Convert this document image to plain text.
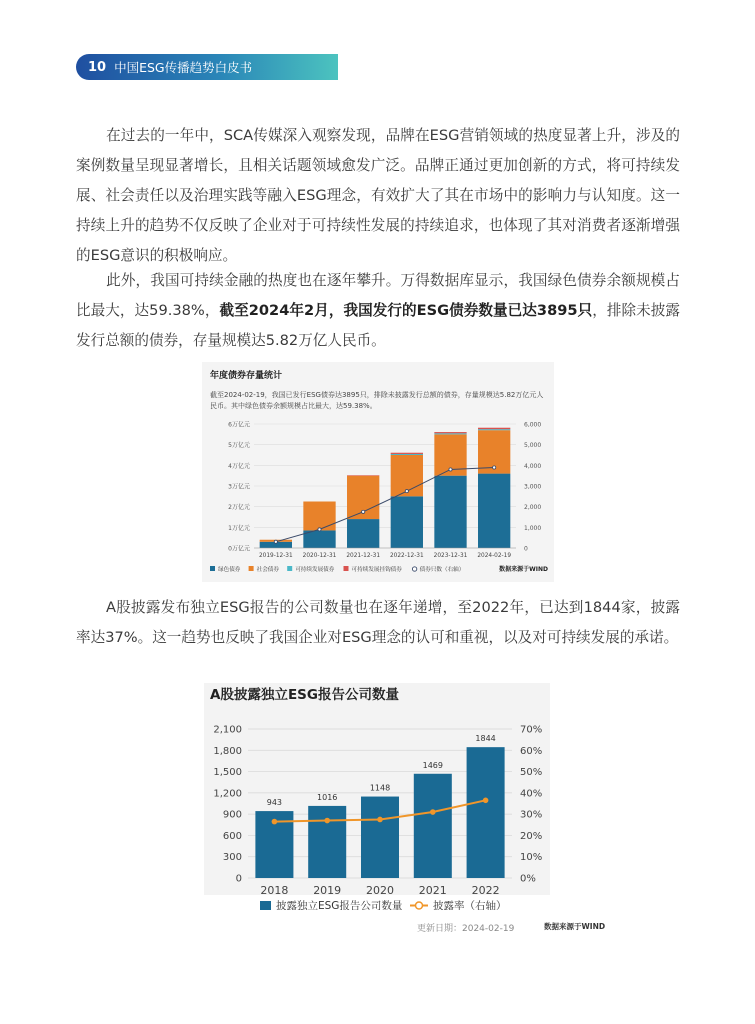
10 中国ESG传播趋势白皮书

在过去的一年中，SCA传媒深入观察发现，品牌在ESG营销领域的热度显著上升，涉及的案例数量呈现显著增长，且相关话题领域愈发广泛。品牌正通过更加创新的方式，将可持续发展、社会责任以及治理实践等融入ESG理念，有效扩大了其在市场中的影响力与认知度。这一持续上升的趋势不仅反映了企业对于可持续性发展的持续追求，也体现了其对消费者逐渐增强的ESG意识的积极响应。

此外，我国可持续金融的热度也在逐年攀升。万得数据库显示，我国绿色债券余额规模占比最大，达59.38%，截至2024年2月，我国发行的ESG债券数量已达3895只，排除未披露发行总额的债券，存量规模达5.82万亿人民币。

年度债券存量统计
截至2024-02-19，我国已发行ESG债券达3895只，排除未披露发行总额的债券，存量规模达5.82万亿元人民币。其中绿色债券余额规模占比最大，达59.38%。
0万亿元
1万亿元
2万亿元
3万亿元
4万亿元
5万亿元
6万亿元
0
1,000
2,000
3,000
4,000
5,000
6,000
2019-12-31 2020-12-31 2021-12-31 2022-12-31 2023-12-31 2024-02-19
绿色债券	社会债券	可持续发展债券	可持续发展挂钩债券	债券只数（右轴）	数据来源于WIND

A股披露发布独立ESG报告的公司数量也在逐年递增，至2022年，已达到1844家，披露率达37%。这一趋势也反映了我国企业对ESG理念的认可和重视，以及对可持续发展的承诺。

A股披露独立ESG报告公司数量
0
300
600
900
1,200
1,500
1,800
2,100
0%
10%
20%
30%
40%
50%
60%
70%
943
1016
1148
1469
1844
更新日期：2024-02-19	数据来源于WIND
2018 2019 2020 2021 2022
披露独立ESG报告公司数量	披露率（右轴）
